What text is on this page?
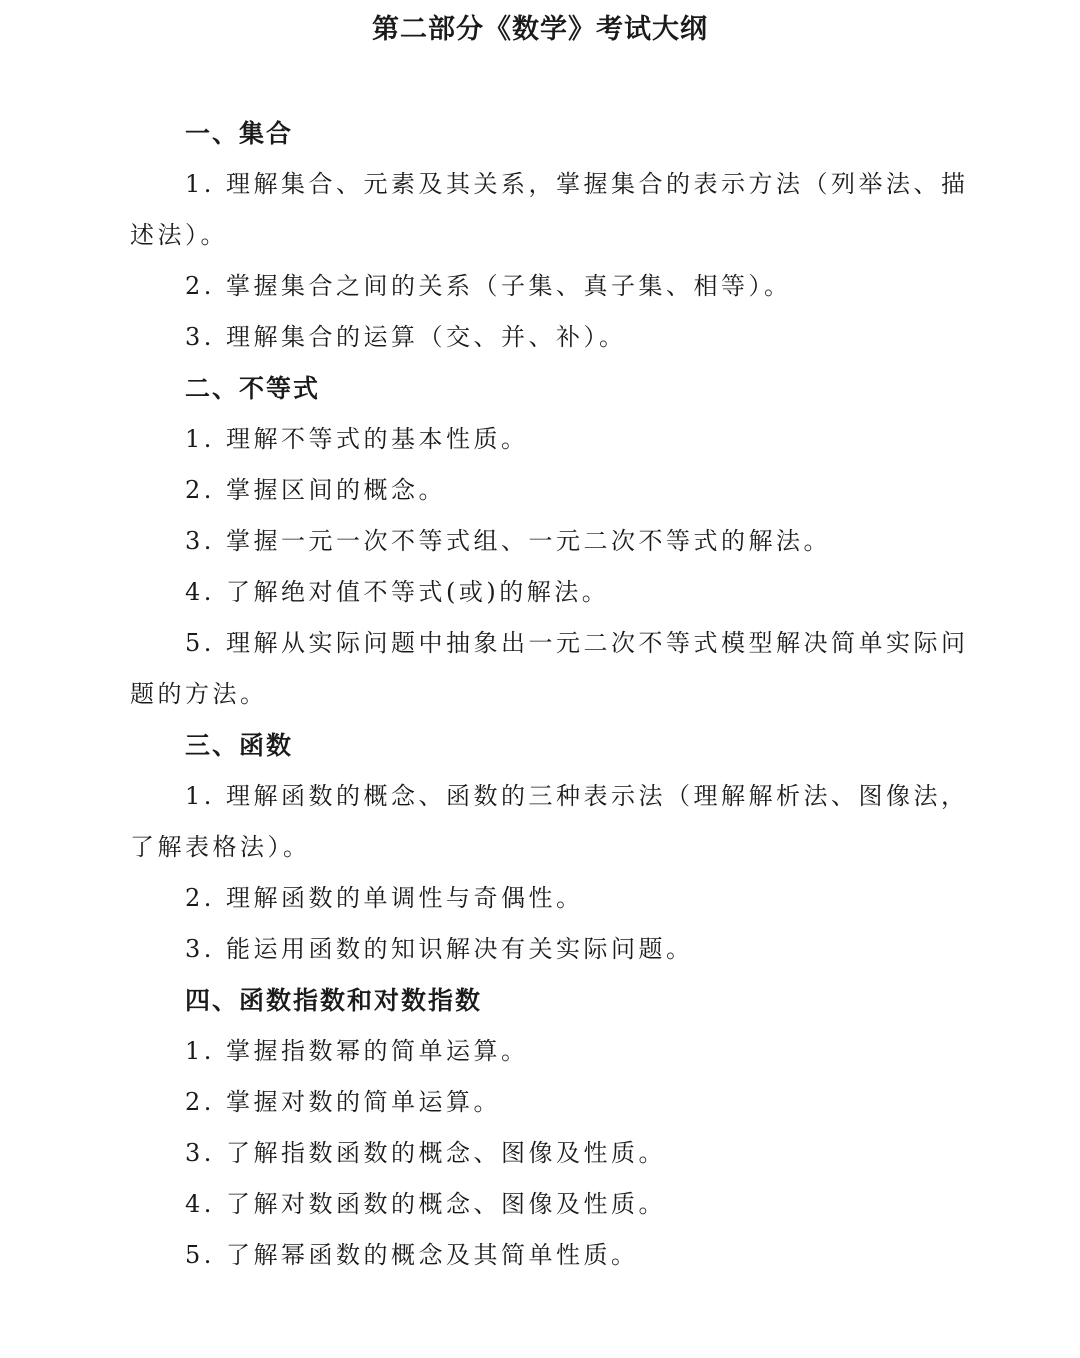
第二部分《数学》考试大纲
一、集合
1. 理解集合、元素及其关系，掌握集合的表示方法（列举法、描
述法）。
2. 掌握集合之间的关系（子集、真子集、相等）。
3. 理解集合的运算（交、并、补）。
二、不等式
1. 理解不等式的基本性质。
2. 掌握区间的概念。
3. 掌握一元一次不等式组、一元二次不等式的解法。
4. 了解绝对值不等式(或)的解法。
5. 理解从实际问题中抽象出一元二次不等式模型解决简单实际问
题的方法。
三、函数
1. 理解函数的概念、函数的三种表示法（理解解析法、图像法，
了解表格法）。
2. 理解函数的单调性与奇偶性。
3. 能运用函数的知识解决有关实际问题。
四、函数指数和对数指数
1. 掌握指数幂的简单运算。
2. 掌握对数的简单运算。
3. 了解指数函数的概念、图像及性质。
4. 了解对数函数的概念、图像及性质。
5. 了解幂函数的概念及其简单性质。
